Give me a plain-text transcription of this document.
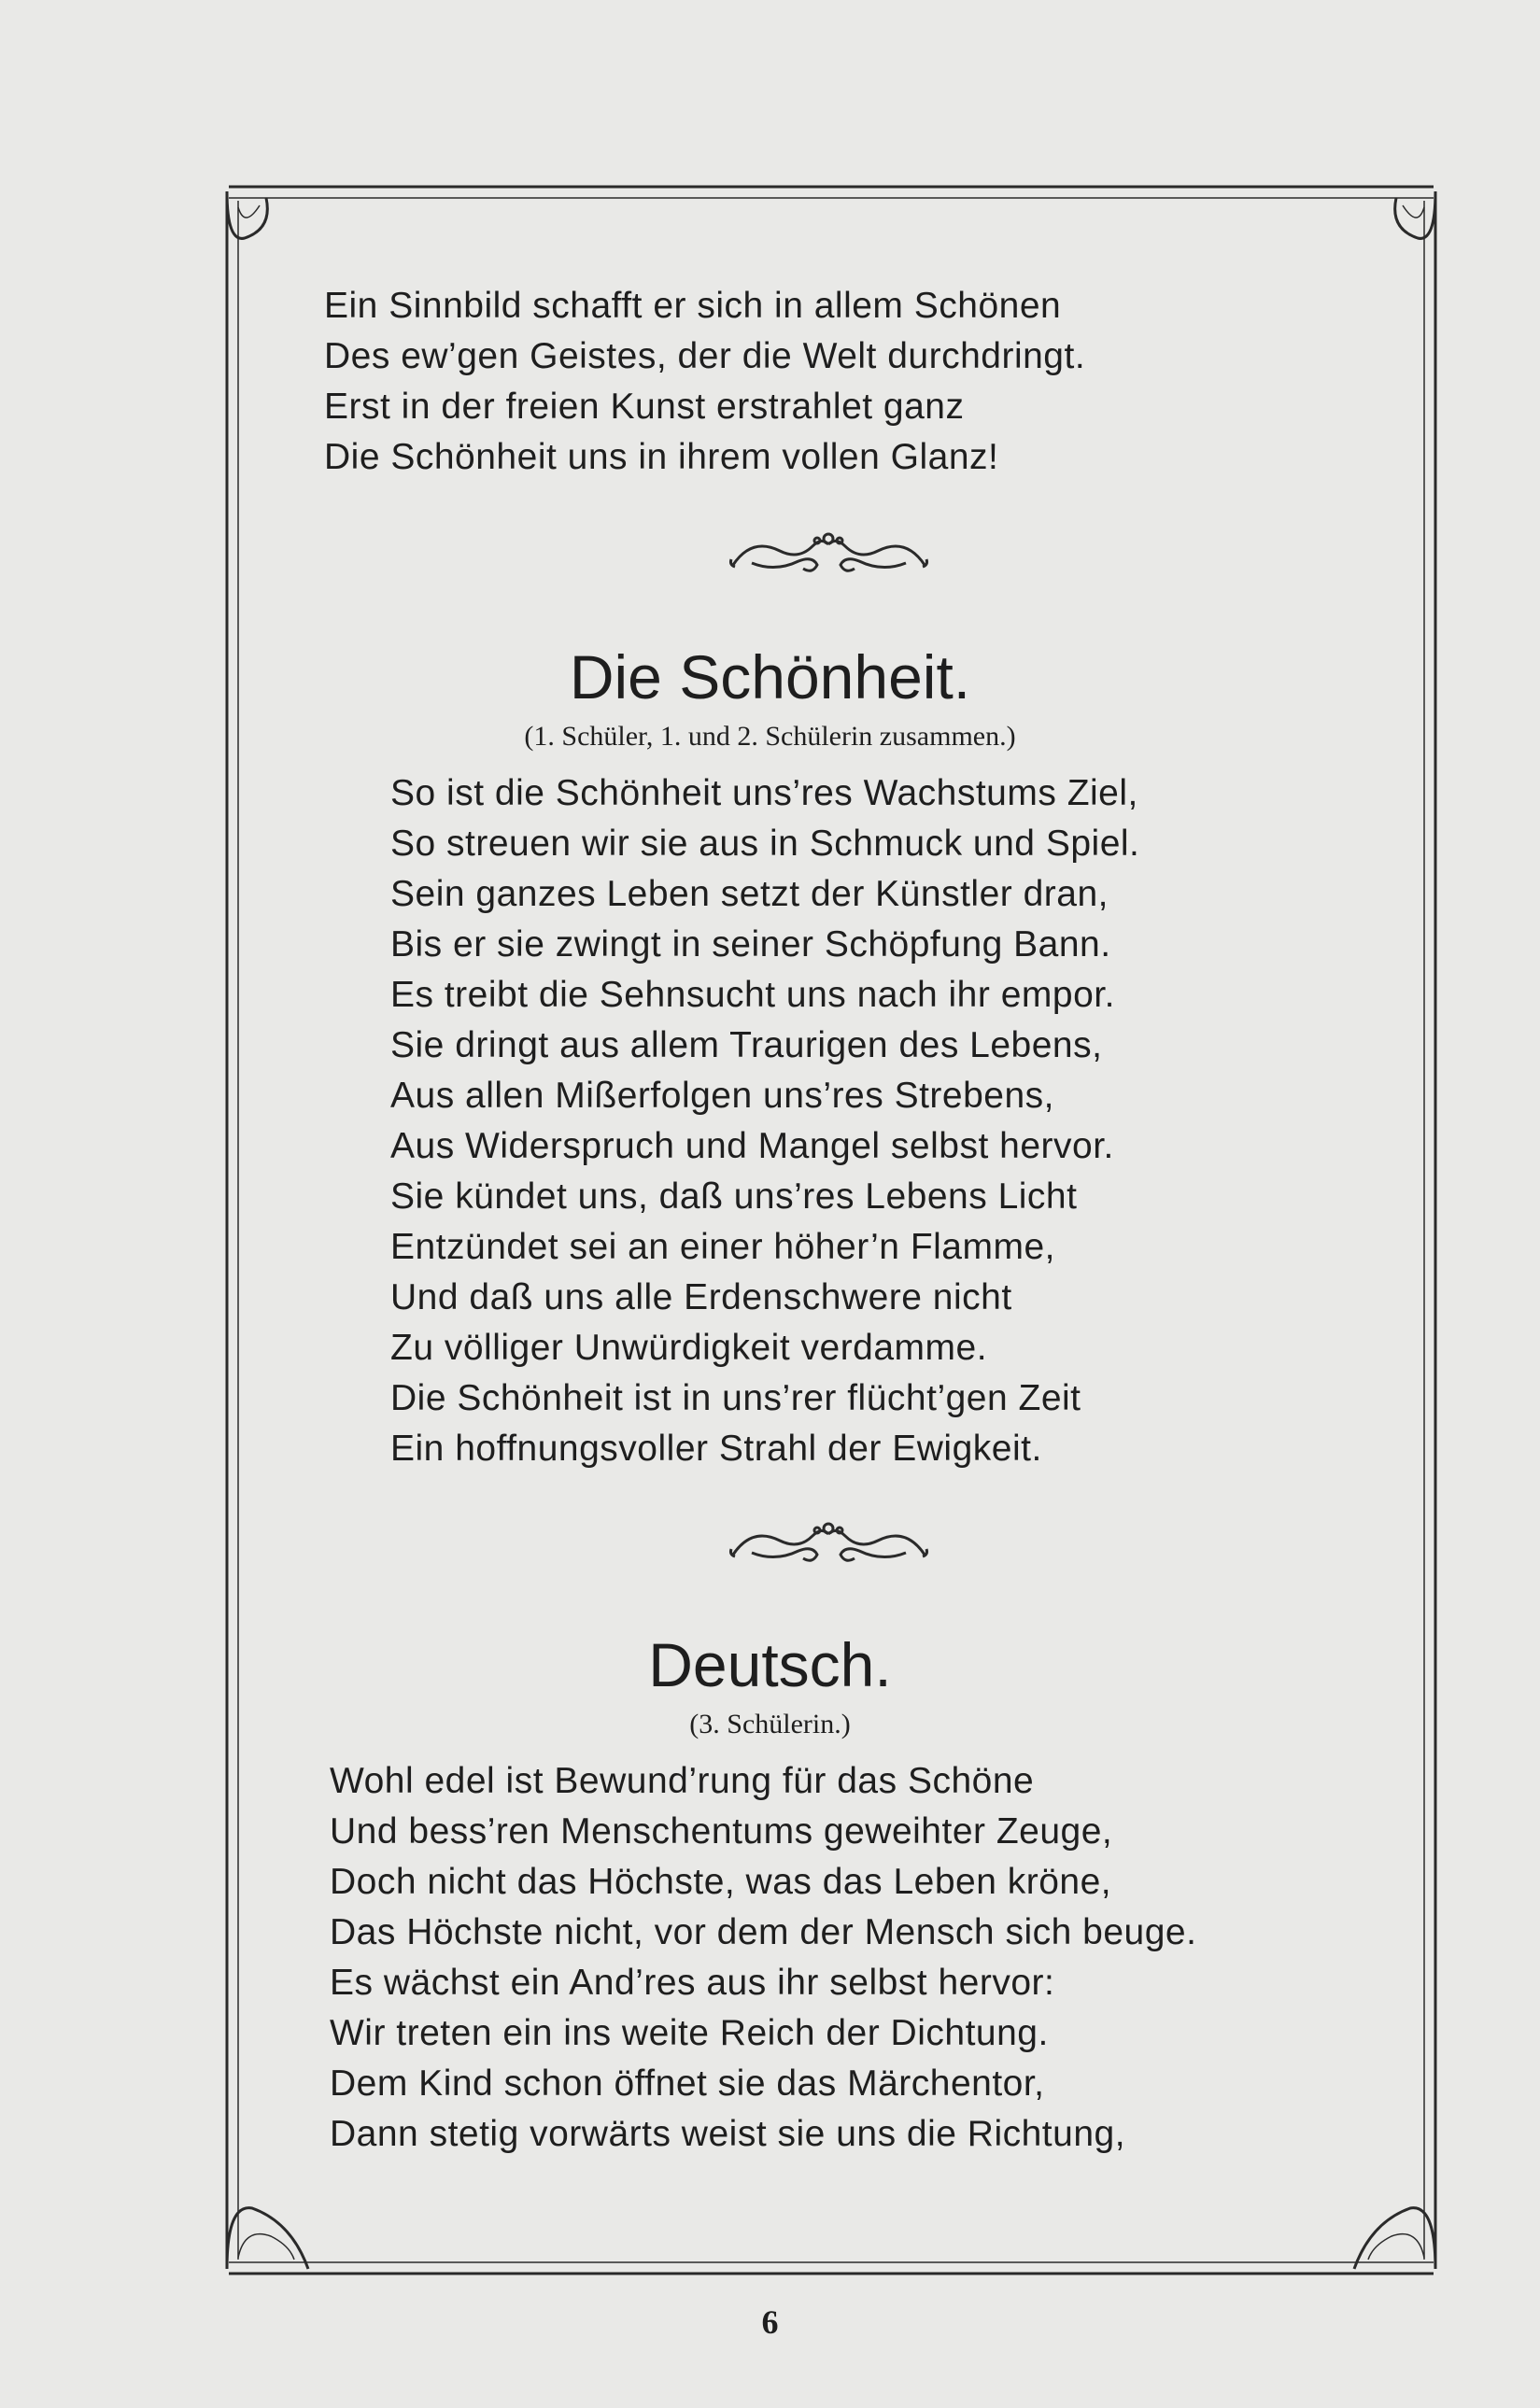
Ein Sinnbild schafft er sich in allem Schönen
Des ew’gen Geistes, der die Welt durchdringt.
Erst in der freien Kunst erstrahlet ganz
Die Schönheit uns in ihrem vollen Glanz!
Die Schönheit.
(1. Schüler, 1. und 2. Schülerin zusammen.)
So ist die Schönheit uns’res Wachstums Ziel,
So streuen wir sie aus in Schmuck und Spiel.
Sein ganzes Leben setzt der Künstler dran,
Bis er sie zwingt in seiner Schöpfung Bann.
Es treibt die Sehnsucht uns nach ihr empor.
Sie dringt aus allem Traurigen des Lebens,
Aus allen Mißerfolgen uns’res Strebens,
Aus Widerspruch und Mangel selbst hervor.
Sie kündet uns, daß uns’res Lebens Licht
Entzündet sei an einer höher’n Flamme,
Und daß uns alle Erdenschwere nicht
Zu völliger Unwürdigkeit verdamme.
Die Schönheit ist in uns’rer flücht’gen Zeit
Ein hoffnungsvoller Strahl der Ewigkeit.
Deutsch.
(3. Schülerin.)
Wohl edel ist Bewund’rung für das Schöne
Und bess’ren Menschentums geweihter Zeuge,
Doch nicht das Höchste, was das Leben kröne,
Das Höchste nicht, vor dem der Mensch sich beuge.
Es wächst ein And’res aus ihr selbst hervor:
Wir treten ein ins weite Reich der Dichtung.
Dem Kind schon öffnet sie das Märchentor,
Dann stetig vorwärts weist sie uns die Richtung,
6
